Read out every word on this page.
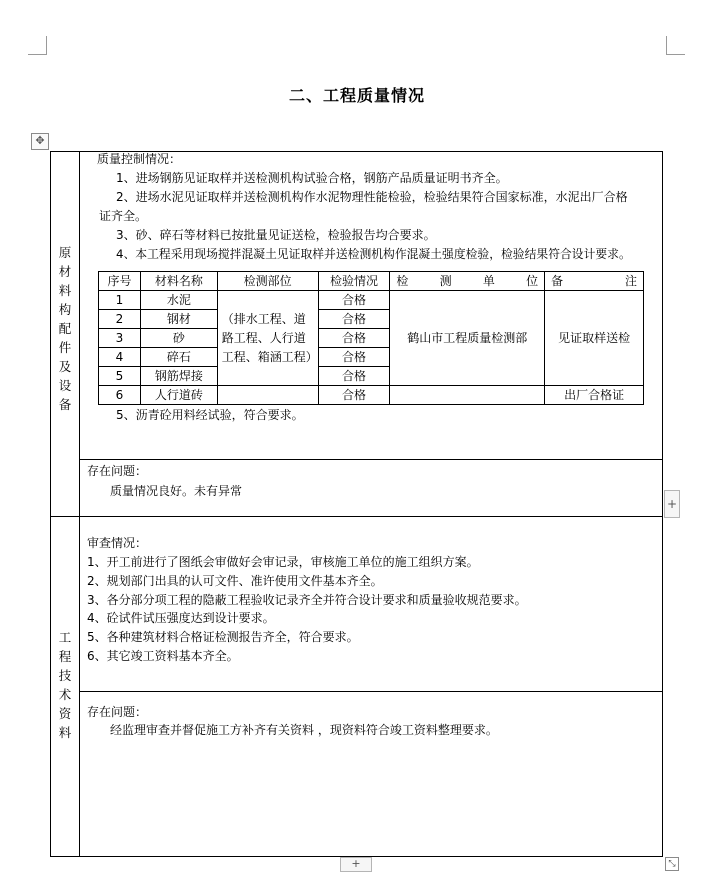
二、工程质量情况
✥
原
材
料
构
配
件
及
设
备
质量控制情况：
1、进场钢筋见证取样并送检测机构试验合格，钢筋产品质量证明书齐全。
2、进场水泥见证取样并送检测机构作水泥物理性能检验，检验结果符合国家标准，水泥出厂合格
证齐全。
3、砂、碎石等材料已按批量见证送检，检验报告均合要求。
4、本工程采用现场搅拌混凝土见证取样并送检测机构作混凝土强度检验，检验结果符合设计要求。
序号	材料名称	检测部位	检验情况	检 测 单 位	备 注

1	水泥	（排水工程、道路工程、人行道工程、箱涵工程）	合格	鹤山市工程质量检测部	见证取样送检
2	钢材		合格		
3	砂		合格		
4	碎石		合格		
5	钢筋焊接		合格		
6	人行道砖		合格		出厂合格证
5、沥青砼用料经试验，符合要求。
存在问题：
质量情况良好。未有异常
工
程
技
术
资
料
审查情况：
1、开工前进行了图纸会审做好会审记录，审核施工单位的施工组织方案。
2、规划部门出具的认可文件、准许使用文件基本齐全。
3、各分部分项工程的隐蔽工程验收记录齐全并符合设计要求和质量验收规范要求。
4、砼试件试压强度达到设计要求。
5、各种建筑材料合格证检测报告齐全，符合要求。
6、其它竣工资料基本齐全。
存在问题：
经监理审查并督促施工方补齐有关资料 ，现资料符合竣工资料整理要求。
+
+	⤡
